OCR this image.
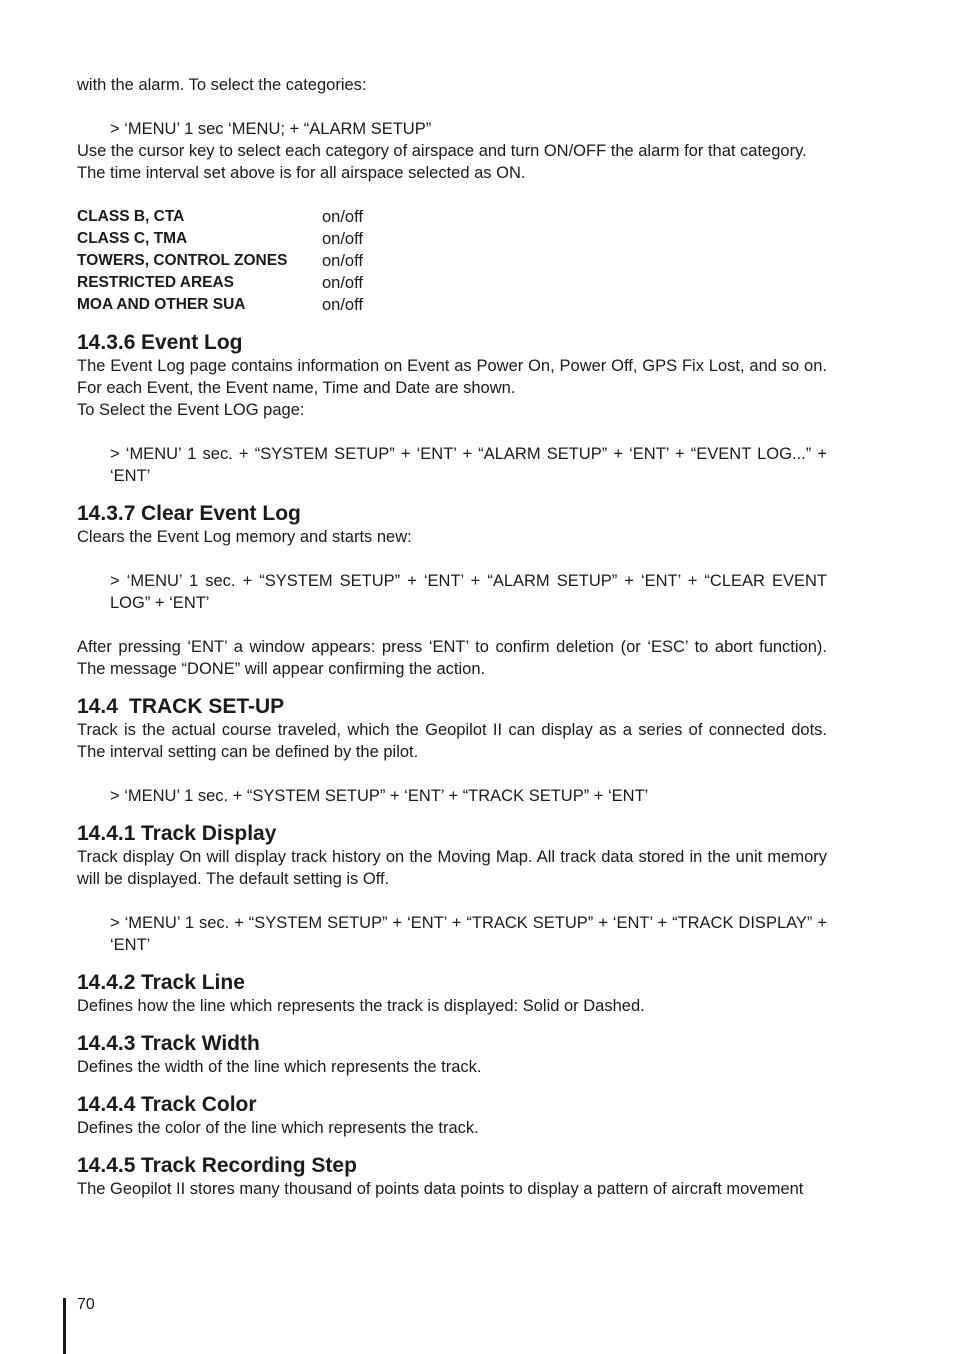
with the alarm. To select the categories:

> ‘MENU’ 1 sec ‘MENU; + “ALARM SETUP”

Use the cursor key to select each category of airspace and turn ON/OFF the alarm for that category. The time interval set above is for all airspace selected as ON.

CLASS B, CTA	on/off
CLASS C, TMA	on/off
TOWERS, CONTROL ZONES	on/off
RESTRICTED AREAS	on/off
MOA AND OTHER SUA	on/off
14.3.6 Event Log

The Event Log page contains information on Event as Power On, Power Off, GPS Fix Lost, and so on. For each Event, the Event name, Time and Date are shown.

To Select the Event LOG page:

> ‘MENU’ 1 sec. + “SYSTEM SETUP” + ‘ENT’ + “ALARM SETUP” + ‘ENT’ + “EVENT LOG...” + ‘ENT’

14.3.7 Clear Event Log

Clears the Event Log memory and starts new:

> ‘MENU’ 1 sec. + “SYSTEM SETUP” + ‘ENT’ + “ALARM SETUP” + ‘ENT’ + “CLEAR EVENT LOG” + ‘ENT’

After pressing ‘ENT’ a window appears: press ‘ENT’ to confirm deletion (or ‘ESC’ to abort function). The message “DONE” will appear confirming the action.

14.4 TRACK SET-UP

Track is the actual course traveled, which the Geopilot II can display as a series of connected dots. The interval setting can be defined by the pilot.

> ‘MENU’ 1 sec. + “SYSTEM SETUP” + ‘ENT’ + “TRACK SETUP” + ‘ENT’

14.4.1 Track Display

Track display On will display track history on the Moving Map. All track data stored in the unit memory will be displayed. The default setting is Off.

> ‘MENU’ 1 sec. + “SYSTEM SETUP” + ‘ENT’ + “TRACK SETUP” + ‘ENT’ + “TRACK DISPLAY” + ‘ENT’

14.4.2 Track Line

Defines how the line which represents the track is displayed: Solid or Dashed.

14.4.3 Track Width

Defines the width of the line which represents the track.

14.4.4 Track Color

Defines the color of the line which represents the track.

14.4.5 Track Recording Step

The Geopilot II stores many thousand of points data points to display a pattern of aircraft movement

70
